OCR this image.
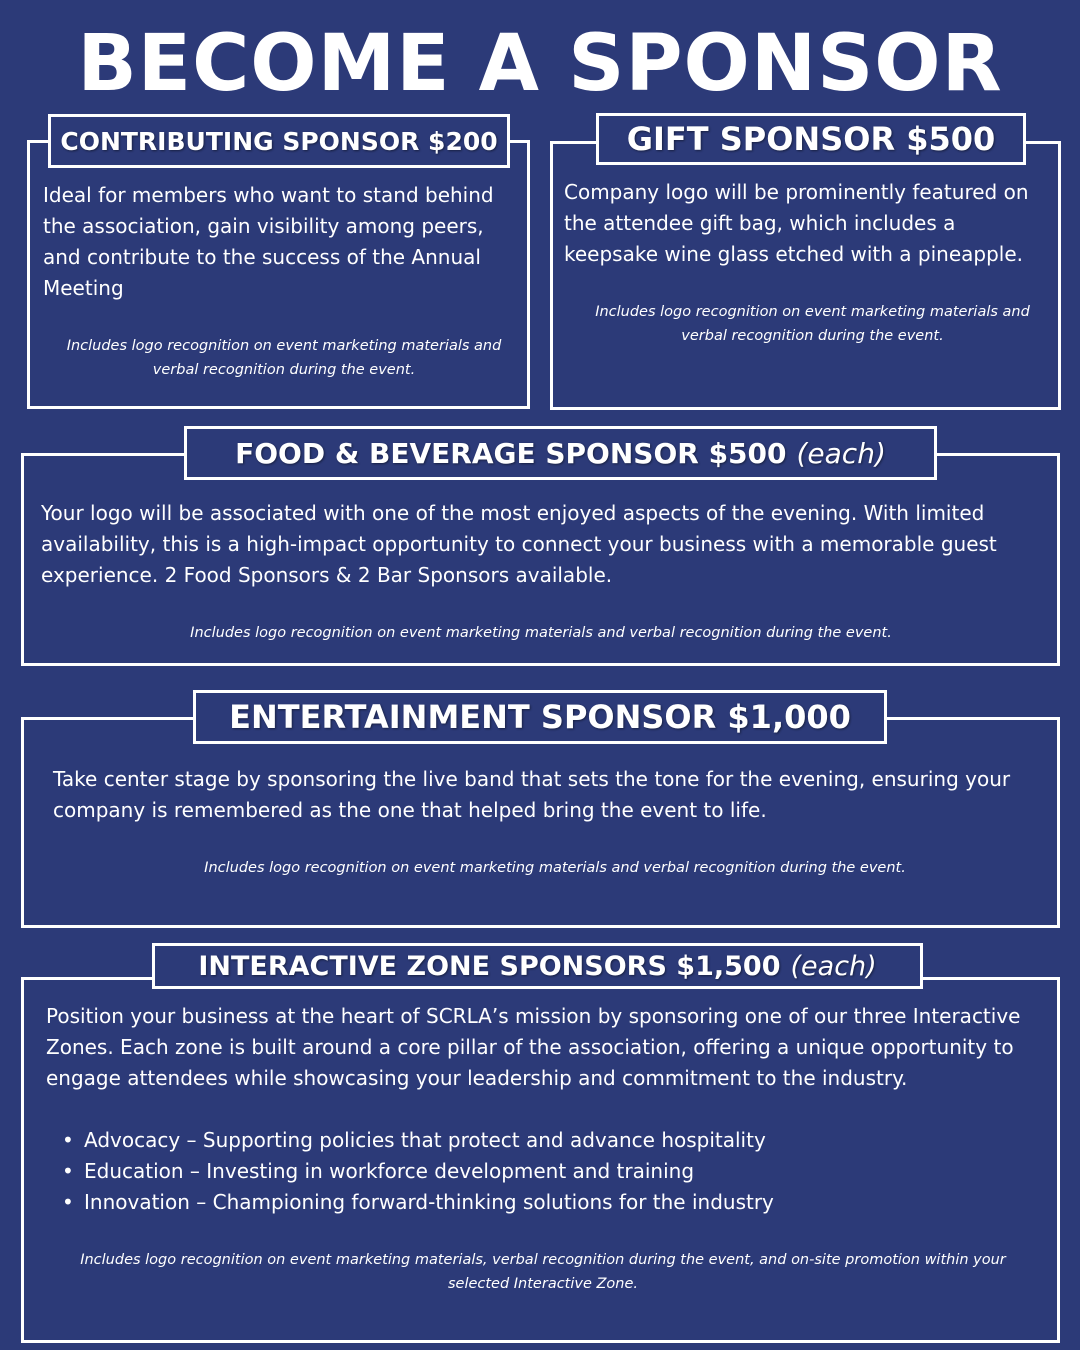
BECOME A SPONSOR
CONTRIBUTING SPONSOR $200
Ideal for members who want to stand behind the association, gain visibility among peers, and contribute to the success of the Annual Meeting
Includes logo recognition on event marketing materials and verbal recognition during the event.
GIFT SPONSOR $500
Company logo will be prominently featured on the attendee gift bag, which includes a keepsake wine glass etched with a pineapple.
Includes logo recognition on event marketing materials and verbal recognition during the event.
FOOD & BEVERAGE SPONSOR $500 (each)
Your logo will be associated with one of the most enjoyed aspects of the evening. With limited availability, this is a high-impact opportunity to connect your business with a memorable guest experience. 2 Food Sponsors & 2 Bar Sponsors available.
Includes logo recognition on event marketing materials and verbal recognition during the event.
ENTERTAINMENT SPONSOR $1,000
Take center stage by sponsoring the live band that sets the tone for the evening, ensuring your company is remembered as the one that helped bring the event to life.
Includes logo recognition on event marketing materials and verbal recognition during the event.
INTERACTIVE ZONE SPONSORS $1,500 (each)
Position your business at the heart of SCRLA’s mission by sponsoring one of our three Interactive Zones. Each zone is built around a core pillar of the association, offering a unique opportunity to engage attendees while showcasing your leadership and commitment to the industry.
• Advocacy – Supporting policies that protect and advance hospitality
• Education – Investing in workforce development and training
• Innovation – Championing forward-thinking solutions for the industry
Includes logo recognition on event marketing materials, verbal recognition during the event, and on-site promotion within your selected Interactive Zone.
